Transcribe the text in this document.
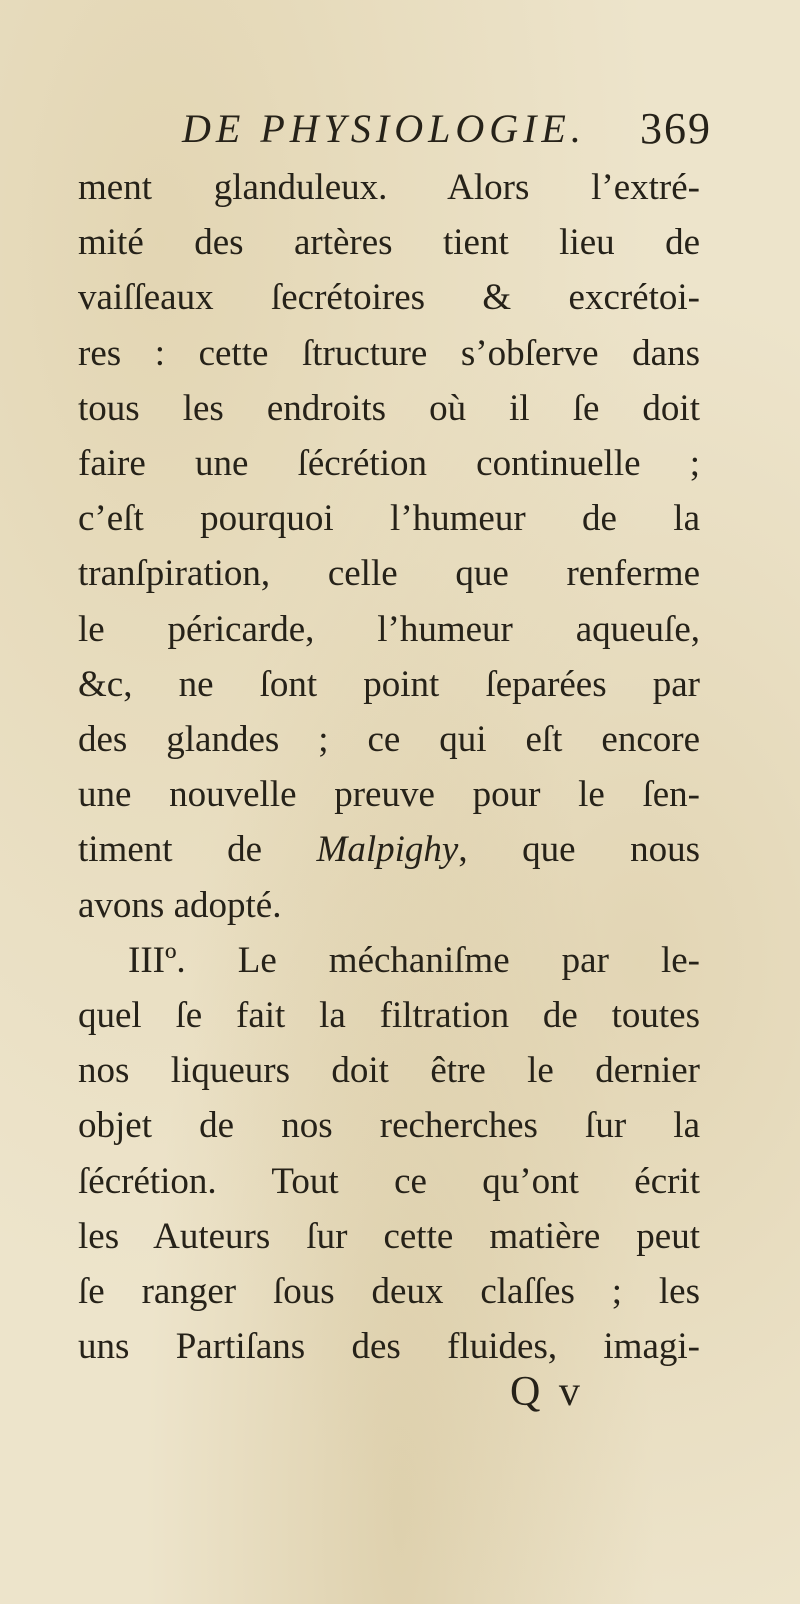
DE PHYSIOLOGIE. 369
ment glanduleux. Alors l’extré-
mité des artères tient lieu de
vaiſſeaux ſecrétoires & excrétoi-
res : cette ſtructure s’obſerve dans
tous les endroits où il ſe doit
faire une ſécrétion continuelle ;
c’eſt pourquoi l’humeur de la
tranſpiration, celle que renferme
le péricarde, l’humeur aqueuſe,
&c, ne ſont point ſeparées par
des glandes ; ce qui eſt encore
une nouvelle preuve pour le ſen-
timent de Malpighy, que nous
avons adopté.
IIIº. Le méchaniſme par le-
quel ſe fait la filtration de toutes
nos liqueurs doit être le dernier
objet de nos recherches ſur la
ſécrétion. Tout ce qu’ont écrit
les Auteurs ſur cette matière peut
ſe ranger ſous deux claſſes ; les
uns Partiſans des fluides, imagi-
Q v
